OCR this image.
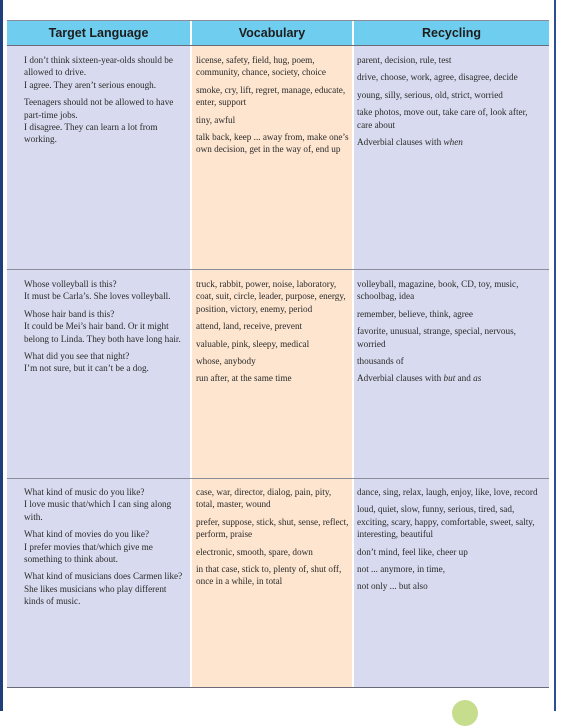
Target Language	Vocabulary	Recycling

I don’t think sixteen-year-olds should be allowed to drive.

I agree. They aren’t serious enough.

Teenagers should not be allowed to have part-time jobs.

I disagree. They can learn a lot from working.

license, safety, field, hug, poem, community, chance, society, choice

smoke, cry, lift, regret, manage, educate, enter, support

tiny, awful

talk back, keep ... away from, make one’s own decision, get in the way of, end up

parent, decision, rule, test

drive, choose, work, agree, disagree, decide

young, silly, serious, old, strict, worried

take photos, move out, take care of, look after, care about

Adverbial clauses with when

Whose volleyball is this?

It must be Carla’s. She loves volleyball.

Whose hair band is this?

It could be Mei’s hair band. Or it might belong to Linda. They both have long hair.

What did you see that night?

I’m not sure, but it can’t be a dog.

truck, rabbit, power, noise, laboratory, coat, suit, circle, leader, purpose, energy, position, victory, enemy, period

attend, land, receive, prevent

valuable, pink, sleepy, medical

whose, anybody

run after, at the same time

volleyball, magazine, book, CD, toy, music, schoolbag, idea

remember, believe, think, agree

favorite, unusual, strange, special, nervous, worried

thousands of

Adverbial clauses with but and as

What kind of music do you like?

I love music that/which I can sing along with.

What kind of movies do you like?

I prefer movies that/which give me something to think about.

What kind of musicians does Carmen like?

She likes musicians who play different kinds of music.

case, war, director, dialog, pain, pity, total, master, wound

prefer, suppose, stick, shut, sense, reflect, perform, praise

electronic, smooth, spare, down

in that case, stick to, plenty of, shut off, once in a while, in total

dance, sing, relax, laugh, enjoy, like, love, record

loud, quiet, slow, funny, serious, tired, sad, exciting, scary, happy, comfortable, sweet, salty, interesting, beautiful

don’t mind, feel like, cheer up

not ... anymore, in time,

not only ... but also
